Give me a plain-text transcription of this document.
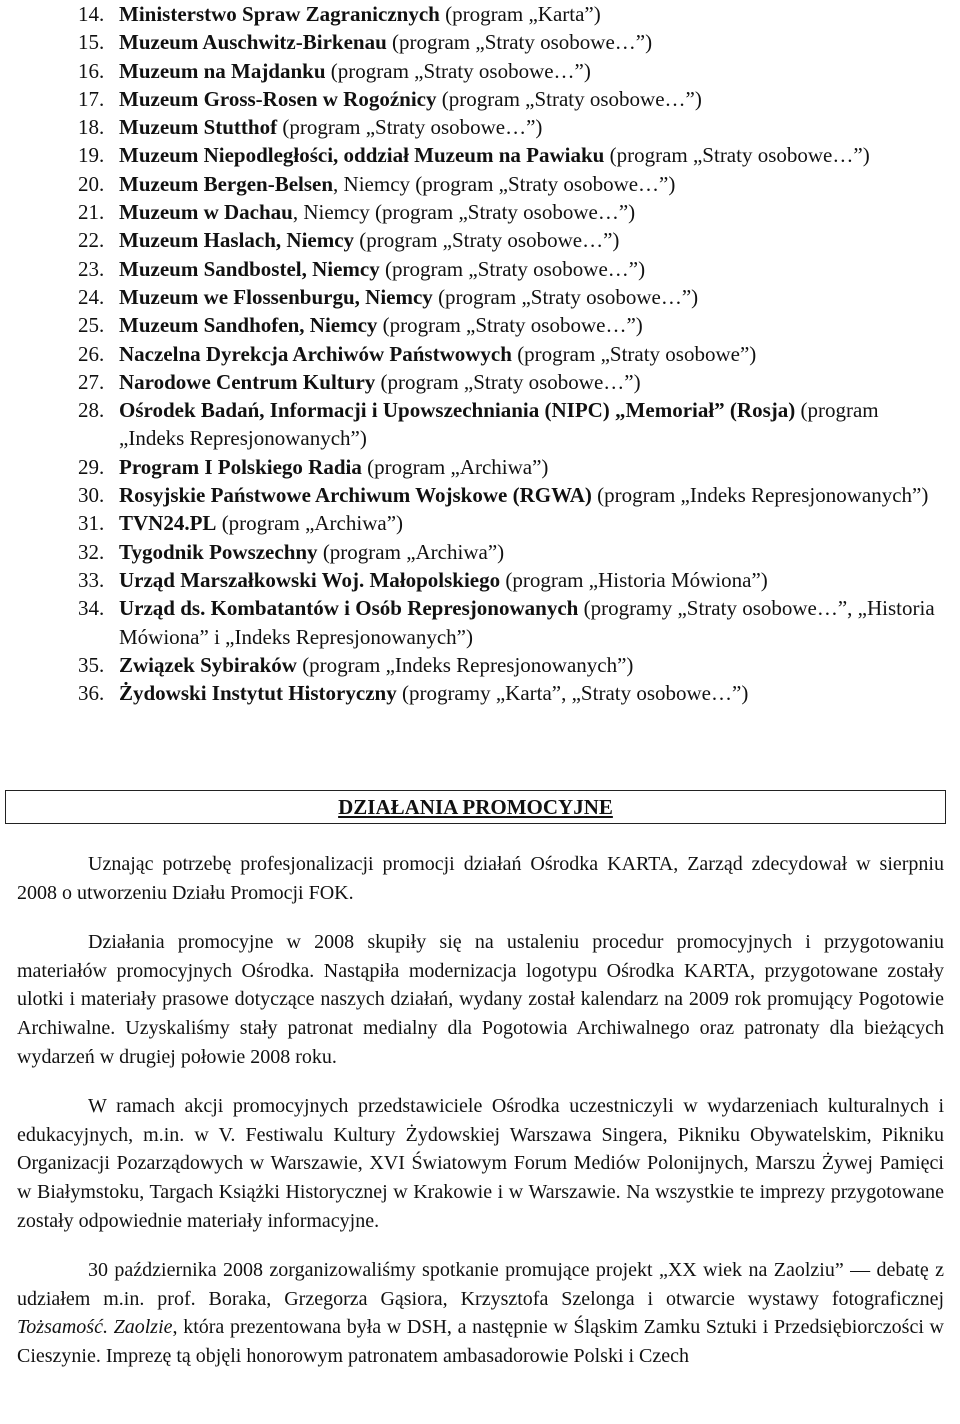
14. Ministerstwo Spraw Zagranicznych (program „Karta”)
15. Muzeum Auschwitz-Birkenau (program „Straty osobowe…”)
16. Muzeum na Majdanku (program „Straty osobowe…”)
17. Muzeum Gross-Rosen w Rogoźnicy (program „Straty osobowe…”)
18. Muzeum Stutthof (program „Straty osobowe…”)
19. Muzeum Niepodległości, oddział Muzeum na Pawiaku (program „Straty osobowe…”)
20. Muzeum Bergen-Belsen, Niemcy (program „Straty osobowe…”)
21. Muzeum w Dachau, Niemcy (program „Straty osobowe…”)
22. Muzeum Haslach, Niemcy (program „Straty osobowe…”)
23. Muzeum Sandbostel, Niemcy (program „Straty osobowe…”)
24. Muzeum we Flossenburgu, Niemcy (program „Straty osobowe…”)
25. Muzeum Sandhofen, Niemcy (program „Straty osobowe…”)
26. Naczelna Dyrekcja Archiwów Państwowych (program „Straty osobowe”)
27. Narodowe Centrum Kultury (program „Straty osobowe…”)
28. Ośrodek Badań, Informacji i Upowszechniania (NIPC) „Memoriał” (Rosja) (program „Indeks Represjonowanych”)
29. Program I Polskiego Radia (program „Archiwa”)
30. Rosyjskie Państwowe Archiwum Wojskowe (RGWA) (program „Indeks Represjonowanych”)
31. TVN24.PL (program „Archiwa”)
32. Tygodnik Powszechny (program „Archiwa”)
33. Urząd Marszałkowski Woj. Małopolskiego (program „Historia Mówiona”)
34. Urząd ds. Kombatantów i Osób Represjonowanych (programy „Straty osobowe…”, „Historia Mówiona” i „Indeks Represjonowanych”)
35. Związek Sybiraków (program „Indeks Represjonowanych”)
36. Żydowski Instytut Historyczny (programy „Karta”, „Straty osobowe…”)
DZIAŁANIA PROMOCYJNE

Uznając potrzebę profesjonalizacji promocji działań Ośrodka KARTA, Zarząd zdecydował w sierpniu 2008 o utworzeniu Działu Promocji FOK.

Działania promocyjne w 2008 skupiły się na ustaleniu procedur promocyjnych i przygotowaniu materiałów promocyjnych Ośrodka. Nastąpiła modernizacja logotypu Ośrodka KARTA, przygotowane zostały ulotki i materiały prasowe dotyczące naszych działań, wydany został kalendarz na 2009 rok promujący Pogotowie Archiwalne. Uzyskaliśmy stały patronat medialny dla Pogotowia Archiwalnego oraz patronaty dla bieżących wydarzeń w drugiej połowie 2008 roku.

W ramach akcji promocyjnych przedstawiciele Ośrodka uczestniczyli w wydarzeniach kulturalnych i edukacyjnych, m.in. w V. Festiwalu Kultury Żydowskiej Warszawa Singera, Pikniku Obywatelskim, Pikniku Organizacji Pozarządowych w Warszawie, XVI Światowym Forum Mediów Polonijnych, Marszu Żywej Pamięci w Białymstoku, Targach Książki Historycznej w Krakowie i w Warszawie. Na wszystkie te imprezy przygotowane zostały odpowiednie materiały informacyjne.

30 października 2008 zorganizowaliśmy spotkanie promujące projekt „XX wiek na Zaolziu” — debatę z udziałem m.in. prof. Boraka, Grzegorza Gąsiora, Krzysztofa Szelonga i otwarcie wystawy fotograficznej Tożsamość. Zaolzie, która prezentowana była w DSH, a następnie w Śląskim Zamku Sztuki i Przedsiębiorczości w Cieszynie. Imprezę tą objęli honorowym patronatem ambasadorowie Polski i Czech
